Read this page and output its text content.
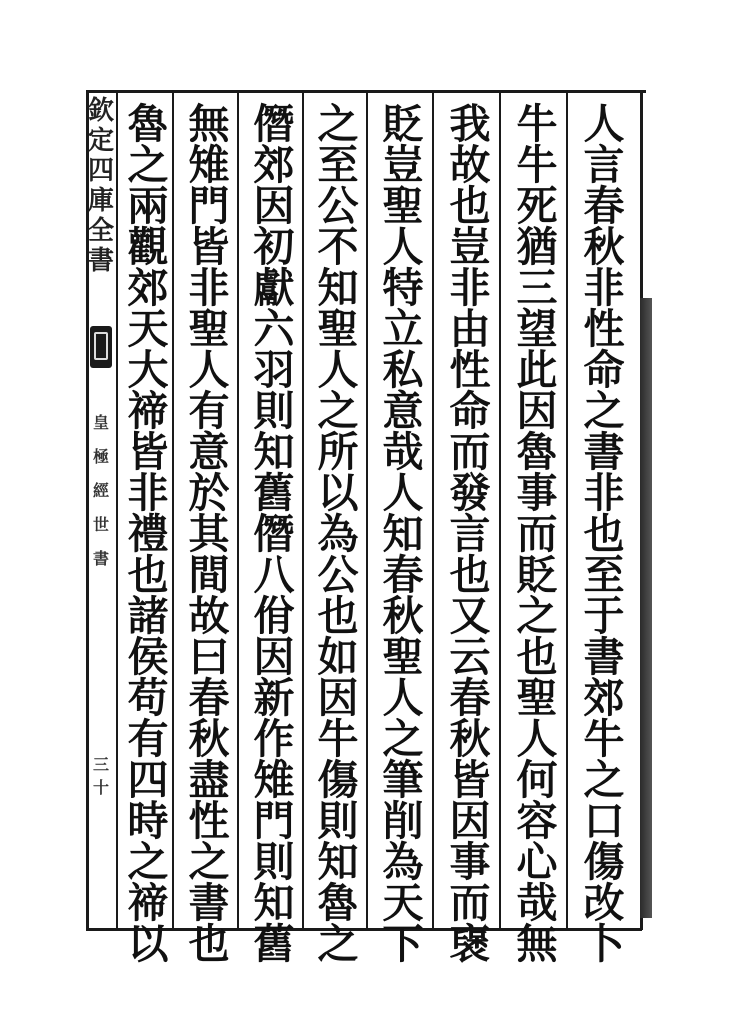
欽
定
四
庫
全
書
皇
極
經
世
書
三十
人
言
春
秋
非
性
命
之
書
非
也
至
于
書
郊
牛
之
口
傷
改
卜
牛
牛
死
猶
三
望
此
因
魯
事
而
貶
之
也
聖
人
何
容
心
哉
無
我
故
也
豈
非
由
性
命
而
發
言
也
又
云
春
秋
皆
因
事
而
襃
貶
豈
聖
人
特
立
私
意
哉
人
知
春
秋
聖
人
之
筆
削
為
天
下
之
至
公
不
知
聖
人
之
所
以
為
公
也
如
因
牛
傷
則
知
魯
之
僭
郊
因
初
獻
六
羽
則
知
舊
僭
八
佾
因
新
作
雉
門
則
知
舊
無
雉
門
皆
非
聖
人
有
意
於
其
間
故
曰
春
秋
盡
性
之
書
也
魯
之
兩
觀
郊
天
大
禘
皆
非
禮
也
諸
侯
苟
有
四
時
之
禘
以
